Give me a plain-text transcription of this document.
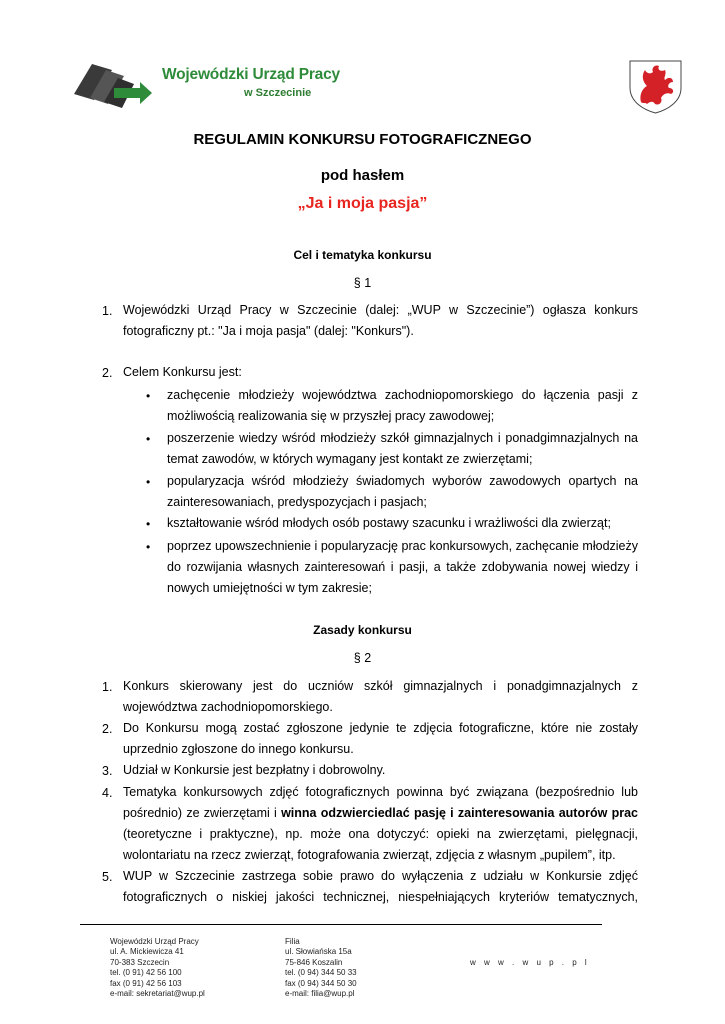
Wojewódzki Urząd Pracy
w Szczecinie
REGULAMIN KONKURSU FOTOGRAFICZNEGO
pod hasłem
„Ja i moja pasja”
Cel i tematyka konkursu
§ 1
1. Wojewódzki Urząd Pracy w Szczecinie (dalej: „WUP w Szczecinie”) ogłasza konkurs fotograficzny pt.: "Ja i moja pasja" (dalej: "Konkurs").
2. Celem Konkursu jest:
• zachęcenie młodzieży województwa zachodniopomorskiego do łączenia pasji z możliwością realizowania się w przyszłej pracy zawodowej;
• poszerzenie wiedzy wśród młodzieży szkół gimnazjalnych i ponadgimnazjalnych na temat zawodów, w których wymagany jest kontakt ze zwierzętami;
• popularyzacja wśród młodzieży świadomych wyborów zawodowych opartych na zainteresowaniach, predyspozycjach i pasjach;
• kształtowanie wśród młodych osób postawy szacunku i wrażliwości dla zwierząt;
• poprzez upowszechnienie i popularyzację prac konkursowych, zachęcanie młodzieży do rozwijania własnych zainteresowań i pasji, a także zdobywania nowej wiedzy i nowych umiejętności w tym zakresie;
Zasady konkursu
§ 2
1. Konkurs skierowany jest do uczniów szkół gimnazjalnych i ponadgimnazjalnych z województwa zachodniopomorskiego.
2. Do Konkursu mogą zostać zgłoszone jedynie te zdjęcia fotograficzne, które nie zostały uprzednio zgłoszone do innego konkursu.
3. Udział w Konkursie jest bezpłatny i dobrowolny.
4. Tematyka konkursowych zdjęć fotograficznych powinna być związana (bezpośrednio lub pośrednio) ze zwierzętami i winna odzwierciedlać pasję i zainteresowania autorów prac (teoretyczne i praktyczne), np. może ona dotyczyć: opieki na zwierzętami, pielęgnacji, wolontariatu na rzecz zwierząt, fotografowania zwierząt, zdjęcia z własnym „pupilem”, itp.
5. WUP w Szczecinie zastrzega sobie prawo do wyłączenia z udziału w Konkursie zdjęć fotograficznych o niskiej jakości technicznej, niespełniających kryteriów tematycznych,
Wojewódzki Urząd Pracy
ul. A. Mickiewicza 41
70-383 Szczecin
tel. (0 91) 42 56 100
fax (0 91) 42 56 103
e-mail: sekretariat@wup.pl
Filia
ul. Słowiańska 15a
75-846 Koszalin
tel. (0 94) 344 50 33
fax (0 94) 344 50 30
e-mail: filia@wup.pl
w w w . w u p . p l
